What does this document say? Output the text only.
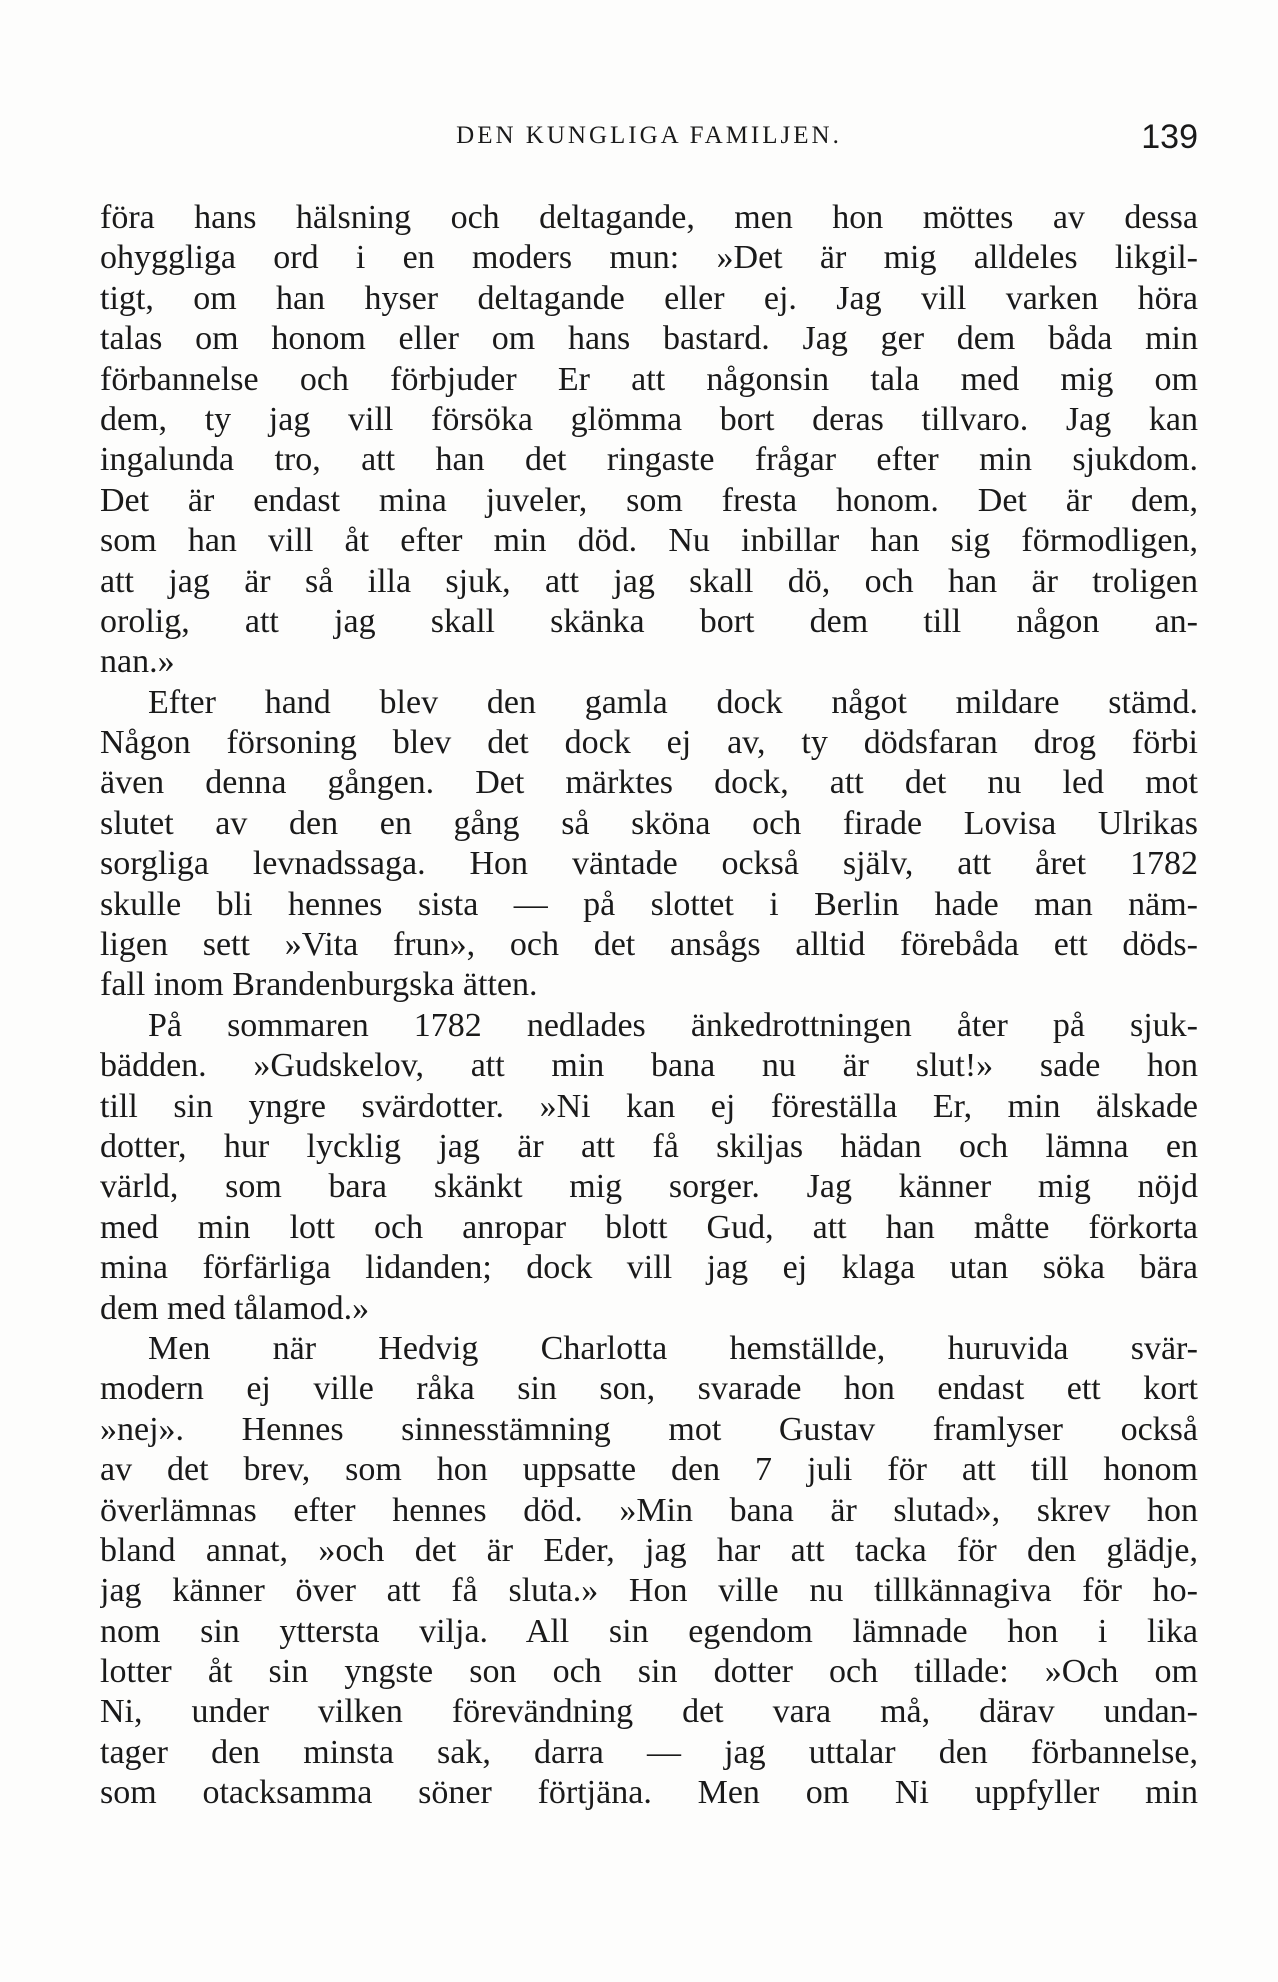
DEN KUNGLIGA FAMILJEN.	139
föra hans hälsning och deltagande, men hon möttes av dessa
ohyggliga ord i en moders mun: »Det är mig alldeles likgil-
tigt, om han hyser deltagande eller ej. Jag vill varken höra
talas om honom eller om hans bastard. Jag ger dem båda min
förbannelse och förbjuder Er att någonsin tala med mig om
dem, ty jag vill försöka glömma bort deras tillvaro. Jag kan
ingalunda tro, att han det ringaste frågar efter min sjukdom.
Det är endast mina juveler, som fresta honom. Det är dem,
som han vill åt efter min död. Nu inbillar han sig förmodligen,
att jag är så illa sjuk, att jag skall dö, och han är troligen
orolig, att jag skall skänka bort dem till någon an-
nan.»
Efter hand blev den gamla dock något mildare stämd.
Någon försoning blev det dock ej av, ty dödsfaran drog förbi
även denna gången. Det märktes dock, att det nu led mot
slutet av den en gång så sköna och firade Lovisa Ulrikas
sorgliga levnadssaga. Hon väntade också själv, att året 1782
skulle bli hennes sista — på slottet i Berlin hade man näm-
ligen sett »Vita frun», och det ansågs alltid förebåda ett döds-
fall inom Brandenburgska ätten.
På sommaren 1782 nedlades änkedrottningen åter på sjuk-
bädden. »Gudskelov, att min bana nu är slut!» sade hon
till sin yngre svärdotter. »Ni kan ej föreställa Er, min älskade
dotter, hur lycklig jag är att få skiljas hädan och lämna en
värld, som bara skänkt mig sorger. Jag känner mig nöjd
med min lott och anropar blott Gud, att han måtte förkorta
mina förfärliga lidanden; dock vill jag ej klaga utan söka bära
dem med tålamod.»
Men när Hedvig Charlotta hemställde, huruvida svär-
modern ej ville råka sin son, svarade hon endast ett kort
»nej». Hennes sinnesstämning mot Gustav framlyser också
av det brev, som hon uppsatte den 7 juli för att till honom
överlämnas efter hennes död. »Min bana är slutad», skrev hon
bland annat, »och det är Eder, jag har att tacka för den glädje,
jag känner över att få sluta.» Hon ville nu tillkännagiva för ho-
nom sin yttersta vilja. All sin egendom lämnade hon i lika
lotter åt sin yngste son och sin dotter och tillade: »Och om
Ni, under vilken förevändning det vara må, därav undan-
tager den minsta sak, darra — jag uttalar den förbannelse,
som otacksamma söner förtjäna. Men om Ni uppfyller min
